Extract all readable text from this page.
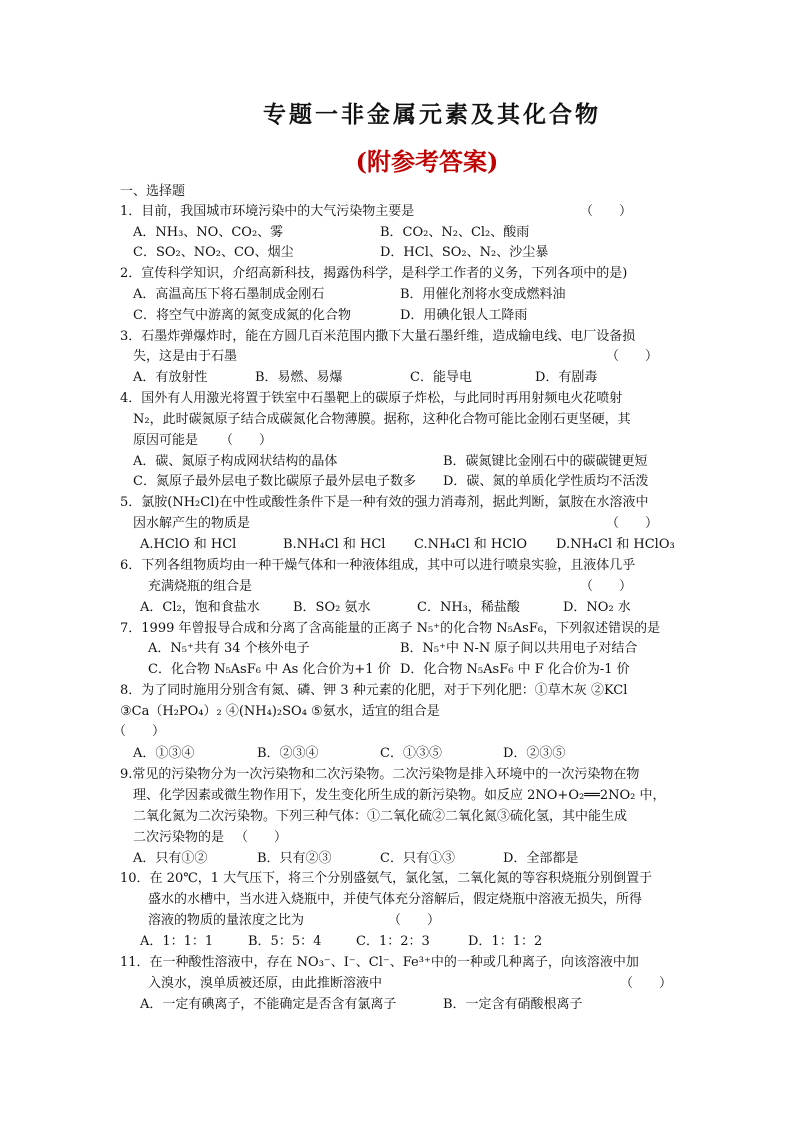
专题一非金属元素及其化合物
(附参考答案)
一、选择题
1．目前，我国城市环境污染中的大气污染物主要是	（　　）
A．NH₃、NO、CO₂、雾	B．CO₂、N₂、Cl₂、酸雨
C．SO₂、NO₂、CO、烟尘	D．HCl、SO₂、N₂、沙尘暴
2．宣传科学知识，介绍高新科技，揭露伪科学，是科学工作者的义务，下列各项中的是)
A．高温高压下将石墨制成金刚石	B．用催化剂将水变成燃料油
C．将空气中游离的氮变成氮的化合物	D．用碘化银人工降雨
3．石墨炸弹爆炸时，能在方圆几百米范围内撒下大量石墨纤维，造成输电线、电厂设备损
失，这是由于石墨	（　　）
A．有放射性	B．易燃、易爆	C．能导电	D．有剧毒
4．国外有人用激光将置于铁室中石墨靶上的碳原子炸松，与此同时再用射频电火花喷射
N₂，此时碳氮原子结合成碳氮化合物薄膜。据称，这种化合物可能比金刚石更坚硬，其
原因可能是 （　　）
A．碳、氮原子构成网状结构的晶体	B．碳氮键比金刚石中的碳碳键更短
C．氮原子最外层电子数比碳原子最外层电子数多 D．碳、氮的单质化学性质均不活泼
5．氯胺(NH₂Cl)在中性或酸性条件下是一种有效的强力消毒剂，据此判断，氯胺在水溶液中
因水解产生的物质是	（　　）
A.HClO 和 HCl	B.NH₄Cl 和 HCl C.NH₄Cl 和 HClO D.NH₄Cl 和 HClO₃
6．下列各组物质均由一种干燥气体和一种液体组成，其中可以进行喷泉实验，且液体几乎
充满烧瓶的组合是	（　　）
A．Cl₂，饱和食盐水	B．SO₂ 氨水	C．NH₃，稀盐酸	D．NO₂ 水
7．1999 年曾报导合成和分离了含高能量的正离子 N₅⁺的化合物 N₅AsF₆，下列叙述错误的是
A．N₅⁺共有 34 个核外电子	B．N₅⁺中 N-N 原子间以共用电子对结合
C．化合物 N₅AsF₆ 中 As 化合价为+1 价 D．化合物 N₅AsF₆ 中 F 化合价为-1 价
8．为了同时施用分别含有氮、磷、钾 3 种元素的化肥，对于下列化肥：①草木灰 ②KCl
③Ca（H₂PO₄）₂ ④(NH₄)₂SO₄ ⑤氨水，适宜的组合是
（　　）
A．①③④	B．②③④	C．①③⑤	D．②③⑤
9.常见的污染物分为一次污染物和二次污染物。二次污染物是排入环境中的一次污染物在物
理、化学因素或微生物作用下，发生变化所生成的新污染物。如反应 2NO+O₂══2NO₂ 中，
二氧化氮为二次污染物。下列三种气体：①二氧化硫②二氧化氮③硫化氢，其中能生成
二次污染物的是 （　　）
A．只有①②	B．只有②③	C．只有①③	D．全部都是
10．在 20℃，1 大气压下，将三个分别盛氨气，氯化氢，二氧化氮的等容积烧瓶分别倒置于
盛水的水槽中，当水进入烧瓶中，并使气体充分溶解后，假定烧瓶中溶液无损失，所得
溶液的物质的量浓度之比为	（　　）
A．1：1：1	B．5：5：4	C．1：2：3	D．1：1：2
11．在一种酸性溶液中，存在 NO₃⁻、I⁻、Cl⁻、Fe³⁺中的一种或几种离子，向该溶液中加
入溴水，溴单质被还原，由此推断溶液中	（　　）
A．一定有碘离子，不能确定是否含有氯离子	B．一定含有硝酸根离子
